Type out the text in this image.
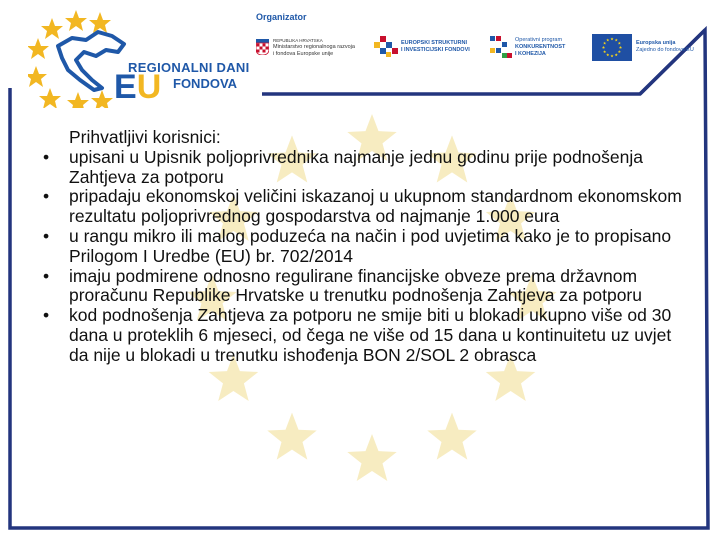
REGIONALNI DANI
EU FONDOVA
Organizator
REPUBLIKA HRVATSKA
Ministarstvo regionalnoga razvoja
i fondova Europske unije
EUROPSKI STRUKTURNI
I INVESTICIJSKI FONDOVI
Operativni program
KONKURENTNOST
I KOHEZIJA
Europska unija
Zajedno do fondova EU
Prihvatljivi korisnici:
• upisani u Upisnik poljoprivrednika najmanje jednu godinu prije podnošenja Zahtjeva za potporu
• pripadaju ekonomskoj veličini iskazanoj u ukupnom standardnom ekonomskom rezultatu poljoprivrednog gospodarstva od najmanje 1.000 eura
• u rangu mikro ili malog poduzeća na način i pod uvjetima kako je to propisano Prilogom I Uredbe (EU) br. 702/2014
• imaju podmirene odnosno regulirane financijske obveze prema državnom proračunu Republike Hrvatske u trenutku podnošenja Zahtjeva za potporu
• kod podnošenja Zahtjeva za potporu ne smije biti u blokadi ukupno više od 30 dana u proteklih 6 mjeseci, od čega ne više od 15 dana u kontinuitetu uz uvjet da nije u blokadi u trenutku ishođenja BON 2/SOL 2 obrasca
